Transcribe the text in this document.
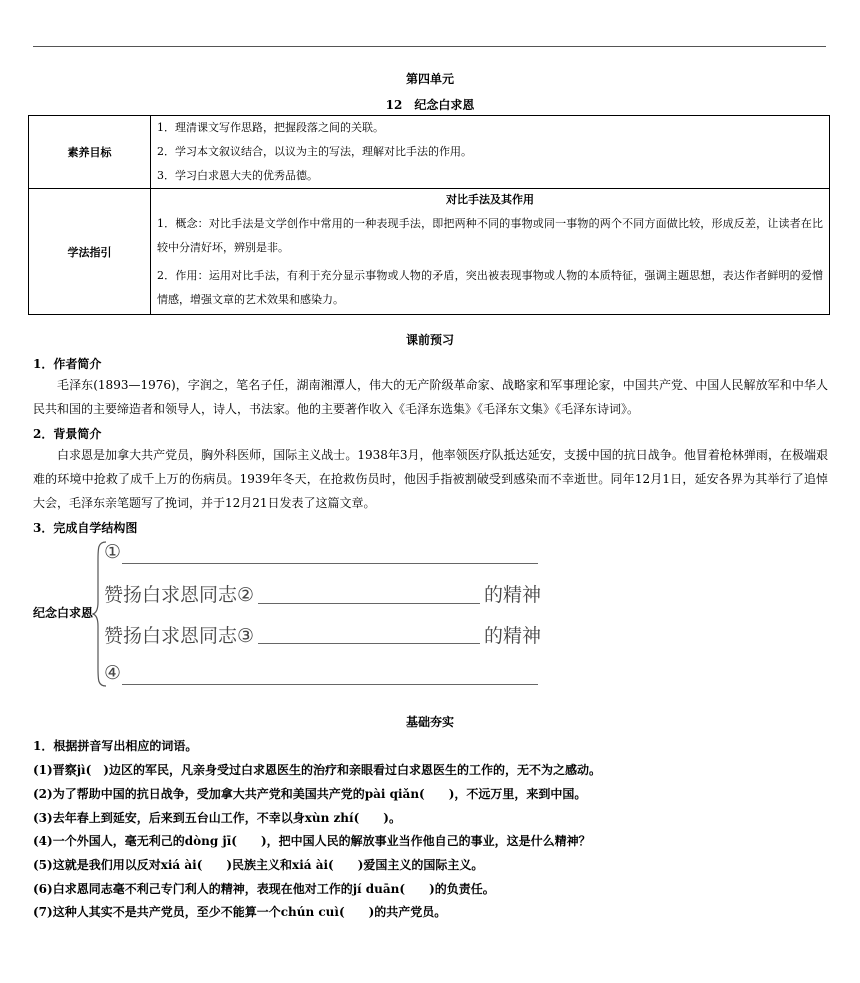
第四单元
12　纪念白求恩
素养目标	1．理清课文写作思路，把握段落之间的关联。
2．学习本文叙议结合，以议为主的写法，理解对比手法的作用。
3．学习白求恩大夫的优秀品德。

学法指引	对比手法及其作用
1．概念：对比手法是文学创作中常用的一种表现手法，即把两种不同的事物或同一事物的两个不同方面做比较，形成反差，让读者在比较中分清好坏，辨别是非。
2．作用：运用对比手法，有利于充分显示事物或人物的矛盾，突出被表现事物或人物的本质特征，强调主题思想，表达作者鲜明的爱憎情感，增强文章的艺术效果和感染力。
课前预习
1．作者简介
毛泽东(1893—1976)，字润之，笔名子任，湖南湘潭人，伟大的无产阶级革命家、战略家和军事理论家，中国共产党、中国人民解放军和中华人民共和国的主要缔造者和领导人，诗人，书法家。他的主要著作收入《毛泽东选集》《毛泽东文集》《毛泽东诗词》。
2．背景简介
白求恩是加拿大共产党员，胸外科医师，国际主义战士。1938年3月，他率领医疗队抵达延安，支援中国的抗日战争。他冒着枪林弹雨，在极端艰难的环境中抢救了成千上万的伤病员。1939年冬天，在抢救伤员时，他因手指被割破受到感染而不幸逝世。同年12月1日，延安各界为其举行了追悼大会，毛泽东亲笔题写了挽词，并于12月21日发表了这篇文章。
3．完成自学结构图
纪念白求恩
①
赞扬白求恩同志②	的精神
赞扬白求恩同志③	的精神
④
基础夯实
1．根据拼音写出相应的词语。
(1)晋察jì(　)边区的军民，凡亲身受过白求恩医生的治疗和亲眼看过白求恩医生的工作的，无不为之感动。
(2)为了帮助中国的抗日战争，受加拿大共产党和美国共产党的pài qiǎn(　　)，不远万里，来到中国。
(3)去年春上到延安，后来到五台山工作，不幸以身xùn zhí(　　)。
(4)一个外国人，毫无利己的dòng jī(　　)，把中国人民的解放事业当作他自己的事业，这是什么精神？
(5)这就是我们用以反对xiá ài(　　)民族主义和xiá ài(　　)爱国主义的国际主义。
(6)白求恩同志毫不利己专门利人的精神，表现在他对工作的jí duān(　　)的负责任。
(7)这种人其实不是共产党员，至少不能算一个chún cuì(　　)的共产党员。
